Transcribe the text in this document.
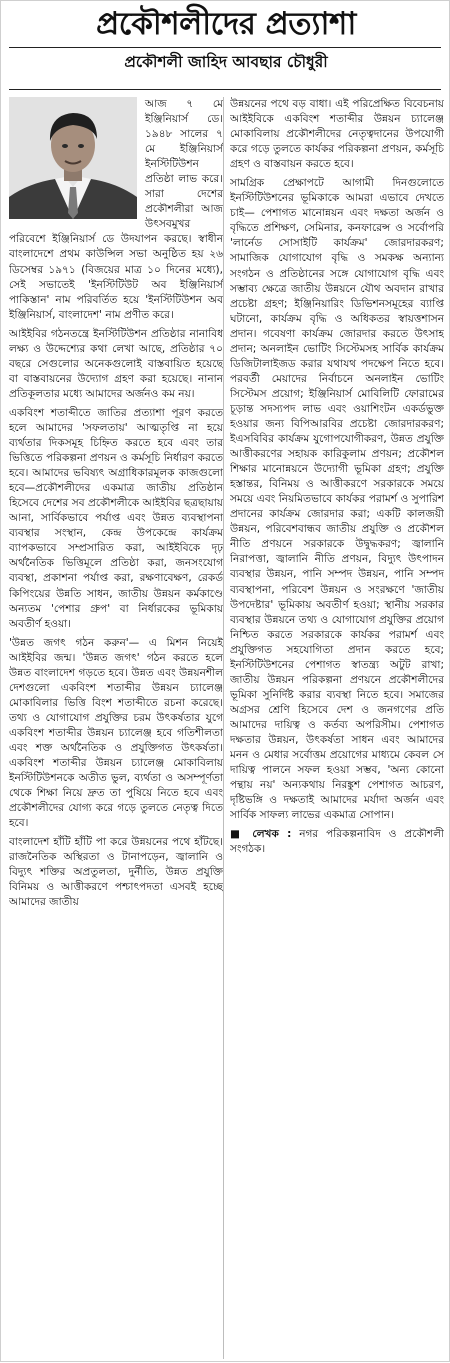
প্রকৌশলীদের প্রত্যাশা
প্রকৌশলী জাহিদ আবছার চৌধুরী

আজ ৭ মে ইঞ্জিনিয়ার্স ডে। ১৯৪৮ সালের ৭ মে ইঞ্জিনিয়ার্স ইনস্টিটিউশন প্রতিষ্ঠা লাভ করে। সারা দেশের প্রকৌশলীরা আজ উৎসবমুখর পরিবেশে ইঞ্জিনিয়ার্স ডে উদযাপন করছে। স্বাধীন বাংলাদেশে প্রথম কাউন্সিল সভা অনুষ্ঠিত হয় ২৬ ডিসেম্বর ১৯৭১ (বিজয়ের মাত্র ১০ দিনের মধ্যে), সেই সভাতেই 'ইনস্টিটিউট অব ইঞ্জিনিয়ার্স পাকিস্তান' নাম পরিবর্তিত হয়ে 'ইনস্টিটিউশন অব ইঞ্জিনিয়ার্স, বাংলাদেশ' নাম প্রণীত করে।

আইইবির গঠনতন্ত্রে ইনস্টিটিউশন প্রতিষ্ঠার নানাবিধ লক্ষ্য ও উদ্দেশ্যের কথা লেখা আছে, প্রতিষ্ঠার ৭০ বছরে সেগুলোর অনেকগুলোই বাস্তবায়িত হয়েছে বা বাস্তবায়নের উদ্যোগ গ্রহণ করা হয়েছে। নানান প্রতিকূলতার মধ্যে আমাদের অর্জনও কম নয়।

একবিংশ শতাব্দীতে জাতির প্রত্যাশা পূরণ করতে হলে আমাদের 'সফলতায়' আত্মতৃপ্তি না হয়ে ব্যর্থতার দিকসমূহ চিহ্নিত করতে হবে এবং তার ভিত্তিতে পরিকল্পনা প্রণয়ন ও কর্মসূচি নির্ধারণ করতে হবে। আমাদের ভবিষ্যৎ অগ্রাধিকারমূলক কাজগুলো হবে—প্রকৌশলীদের একমাত্র জাতীয় প্রতিষ্ঠান হিসেবে দেশের সব প্রকৌশলীকে আইইবির ছত্রছায়ায় আনা, সার্বিকভাবে পর্যাপ্ত এবং উন্নত ব্যবস্থাপনা ব্যবস্থার সংস্থান, কেন্দ্র উপকেন্দ্রে কার্যক্রম ব্যাপকভাবে সম্প্রসারিত করা, আইইবিকে দৃঢ় অর্থনৈতিক ভিত্তিমূলে প্রতিষ্ঠা করা, জনসংযোগ ব্যবস্থা, প্রকাশনা পর্যাপ্ত করা, রক্ষণাবেক্ষণ, রেকর্ড কিপিংয়ের উন্নতি সাধন, জাতীয় উন্নয়ন কর্মকাণ্ডে অন্যতম 'পেশার গ্রুপ' বা নির্ধারকের ভূমিকায় অবতীর্ণ হওয়া।

'উন্নত জগৎ গঠন করুন'— এ মিশন নিয়েই আইইবির জন্ম। 'উন্নত জগৎ' গঠন করতে হলে উন্নত বাংলাদেশ গড়তে হবে। উন্নত এবং উন্নয়নশীল দেশগুলো একবিংশ শতাব্দীর উন্নয়ন চ্যালেঞ্জ মোকাবিলার ভিত্তি বিংশ শতাব্দীতে রচনা করেছে। তথ্য ও যোগাযোগ প্রযুক্তির চরম উৎকর্ষতার যুগে একবিংশ শতাব্দীর উন্নয়ন চ্যালেঞ্জ হবে গতিশীলতা এবং শক্ত অর্থনৈতিক ও প্রযুক্তিগত উৎকর্ষতা। একবিংশ শতাব্দীর উন্নয়ন চ্যালেঞ্জ মোকাবিলায় ইনস্টিটিউশনকে অতীত ভুল, ব্যর্থতা ও অসম্পূর্ণতা থেকে শিক্ষা নিয়ে দ্রুত তা পুষিয়ে নিতে হবে এবং প্রকৌশলীদের যোগ্য করে গড়ে তুলতে নেতৃত্ব দিতে হবে।

বাংলাদেশ হাঁটি হাঁটি পা করে উন্নয়নের পথে হাঁটছে। রাজনৈতিক অস্থিরতা ও টানাপড়েন, জ্বালানি ও বিদ্যুৎ শক্তির অপ্রতুলতা, দুর্নীতি, উন্নত প্রযুক্তি বিনিময় ও আত্তীকরণে পশ্চাৎপদতা এসবই হচ্ছে আমাদের জাতীয়

উন্নয়নের পথে বড় বাধা। এই পরিপ্রেক্ষিত বিবেচনায় আইইবিকে একবিংশ শতাব্দীর উন্নয়ন চ্যালেঞ্জ মোকাবিলায় প্রকৌশলীদের নেতৃত্বদানের উপযোগী করে গড়ে তুলতে কার্যকর পরিকল্পনা প্রণয়ন, কর্মসূচি গ্রহণ ও বাস্তবায়ন করতে হবে।

সামগ্রিক প্রেক্ষাপটে আগামী দিনগুলোতে ইনস্টিটিউশনের ভূমিকাকে আমরা এভাবে দেখতে চাই— পেশাগত মানোন্নয়ন এবং দক্ষতা অর্জন ও বৃদ্ধিতে প্রশিক্ষণ, সেমিনার, কনফারেন্স ও সর্বোপরি 'লার্নেড সোসাইটি কার্যক্রম' জোরদারকরণ; সামাজিক যোগাযোগ বৃদ্ধি ও সমকক্ষ অন্যান্য সংগঠন ও প্রতিষ্ঠানের সঙ্গে যোগাযোগ বৃদ্ধি এবং সম্ভাব্য ক্ষেত্রে জাতীয় উন্নয়নে যৌথ অবদান রাখার প্রচেষ্টা গ্রহণ; ইঞ্জিনিয়ারিং ডিভিশনসমূহের ব্যাপ্তি ঘটানো, কার্যক্রম বৃদ্ধি ও অধিকতর স্বায়ত্তশাসন প্রদান। গবেষণা কার্যক্রম জোরদার করতে উৎসাহ প্রদান; অনলাইন ভোটিং সিস্টেমসহ সার্বিক কার্যক্রম ডিজিটালাইজড করার যথাযথ পদক্ষেপ নিতে হবে। পরবর্তী মেয়াদের নির্বাচনে অনলাইন ভোটিং সিস্টেমস প্রয়োগ; ইঞ্জিনিয়ার্স মোবিলিটি ফোরামের চূড়ান্ত সদস্যপদ লাভ এবং ওয়াশিংটন একর্ডভুক্ত হওয়ার জন্য বিপিআরবির প্রচেষ্টা জোরদারকরণ; ইএসবিবির কার্যক্রম যুগোপযোগীকরণ, উন্নত প্রযুক্তি আত্তীকরণের সহায়ক কারিকুলাম প্রণয়ন; প্রকৌশল শিক্ষার মানোন্নয়নে উদ্যোগী ভূমিকা গ্রহণ; প্রযুক্তি হস্তান্তর, বিনিময় ও আত্তীকরণে সরকারকে সময়ে সময়ে এবং নিয়মিতভাবে কার্যকর পরামর্শ ও সুপারিশ প্রদানের কার্যক্রম জোরদার করা; একটি কালজয়ী উন্নয়ন, পরিবেশবান্ধব জাতীয় প্রযুক্তি ও প্রকৌশল নীতি প্রণয়নে সরকারকে উদ্বুদ্ধকরণ; জ্বালানি নিরাপত্তা, জ্বালানি নীতি প্রণয়ন, বিদ্যুৎ উৎপাদন ব্যবস্থার উন্নয়ন, পানি সম্পদ উন্নয়ন, পানি সম্পদ ব্যবস্থাপনা, পরিবেশ উন্নয়ন ও সংরক্ষণে 'জাতীয় উপদেষ্টার' ভূমিকায় অবতীর্ণ হওয়া; স্থানীয় সরকার ব্যবস্থার উন্নয়নে তথ্য ও যোগাযোগ প্রযুক্তির প্রয়োগ নিশ্চিত করতে সরকারকে কার্যকর পরামর্শ এবং প্রযুক্তিগত সহযোগিতা প্রদান করতে হবে; ইনস্টিটিউশনের পেশাগত স্বাতন্ত্র্য অটুট রাখা; জাতীয় উন্নয়ন পরিকল্পনা প্রণয়নে প্রকৌশলীদের ভূমিকা সুনির্দিষ্ট করার ব্যবস্থা নিতে হবে। সমাজের অগ্রসর শ্রেণি হিসেবে দেশ ও জনগণের প্রতি আমাদের দায়িত্ব ও কর্তব্য অপরিসীম। পেশাগত দক্ষতার উন্নয়ন, উৎকর্ষতা সাধন এবং আমাদের মনন ও মেধার সর্বোত্তম প্রয়োগের মাধ্যমে কেবল সে দায়িত্ব পালনে সফল হওয়া সম্ভব, 'অন্য কোনো পন্থায় নয়' অন্যকথায় নিরঙ্কুশ পেশাগত আচরণ, দৃষ্টিভঙ্গি ও দক্ষতাই আমাদের মর্যাদা অর্জন এবং সার্বিক সাফল্য লাভের একমাত্র সোপান।

■ লেখক : নগর পরিকল্পনাবিদ ও প্রকৌশলী সংগঠক।
